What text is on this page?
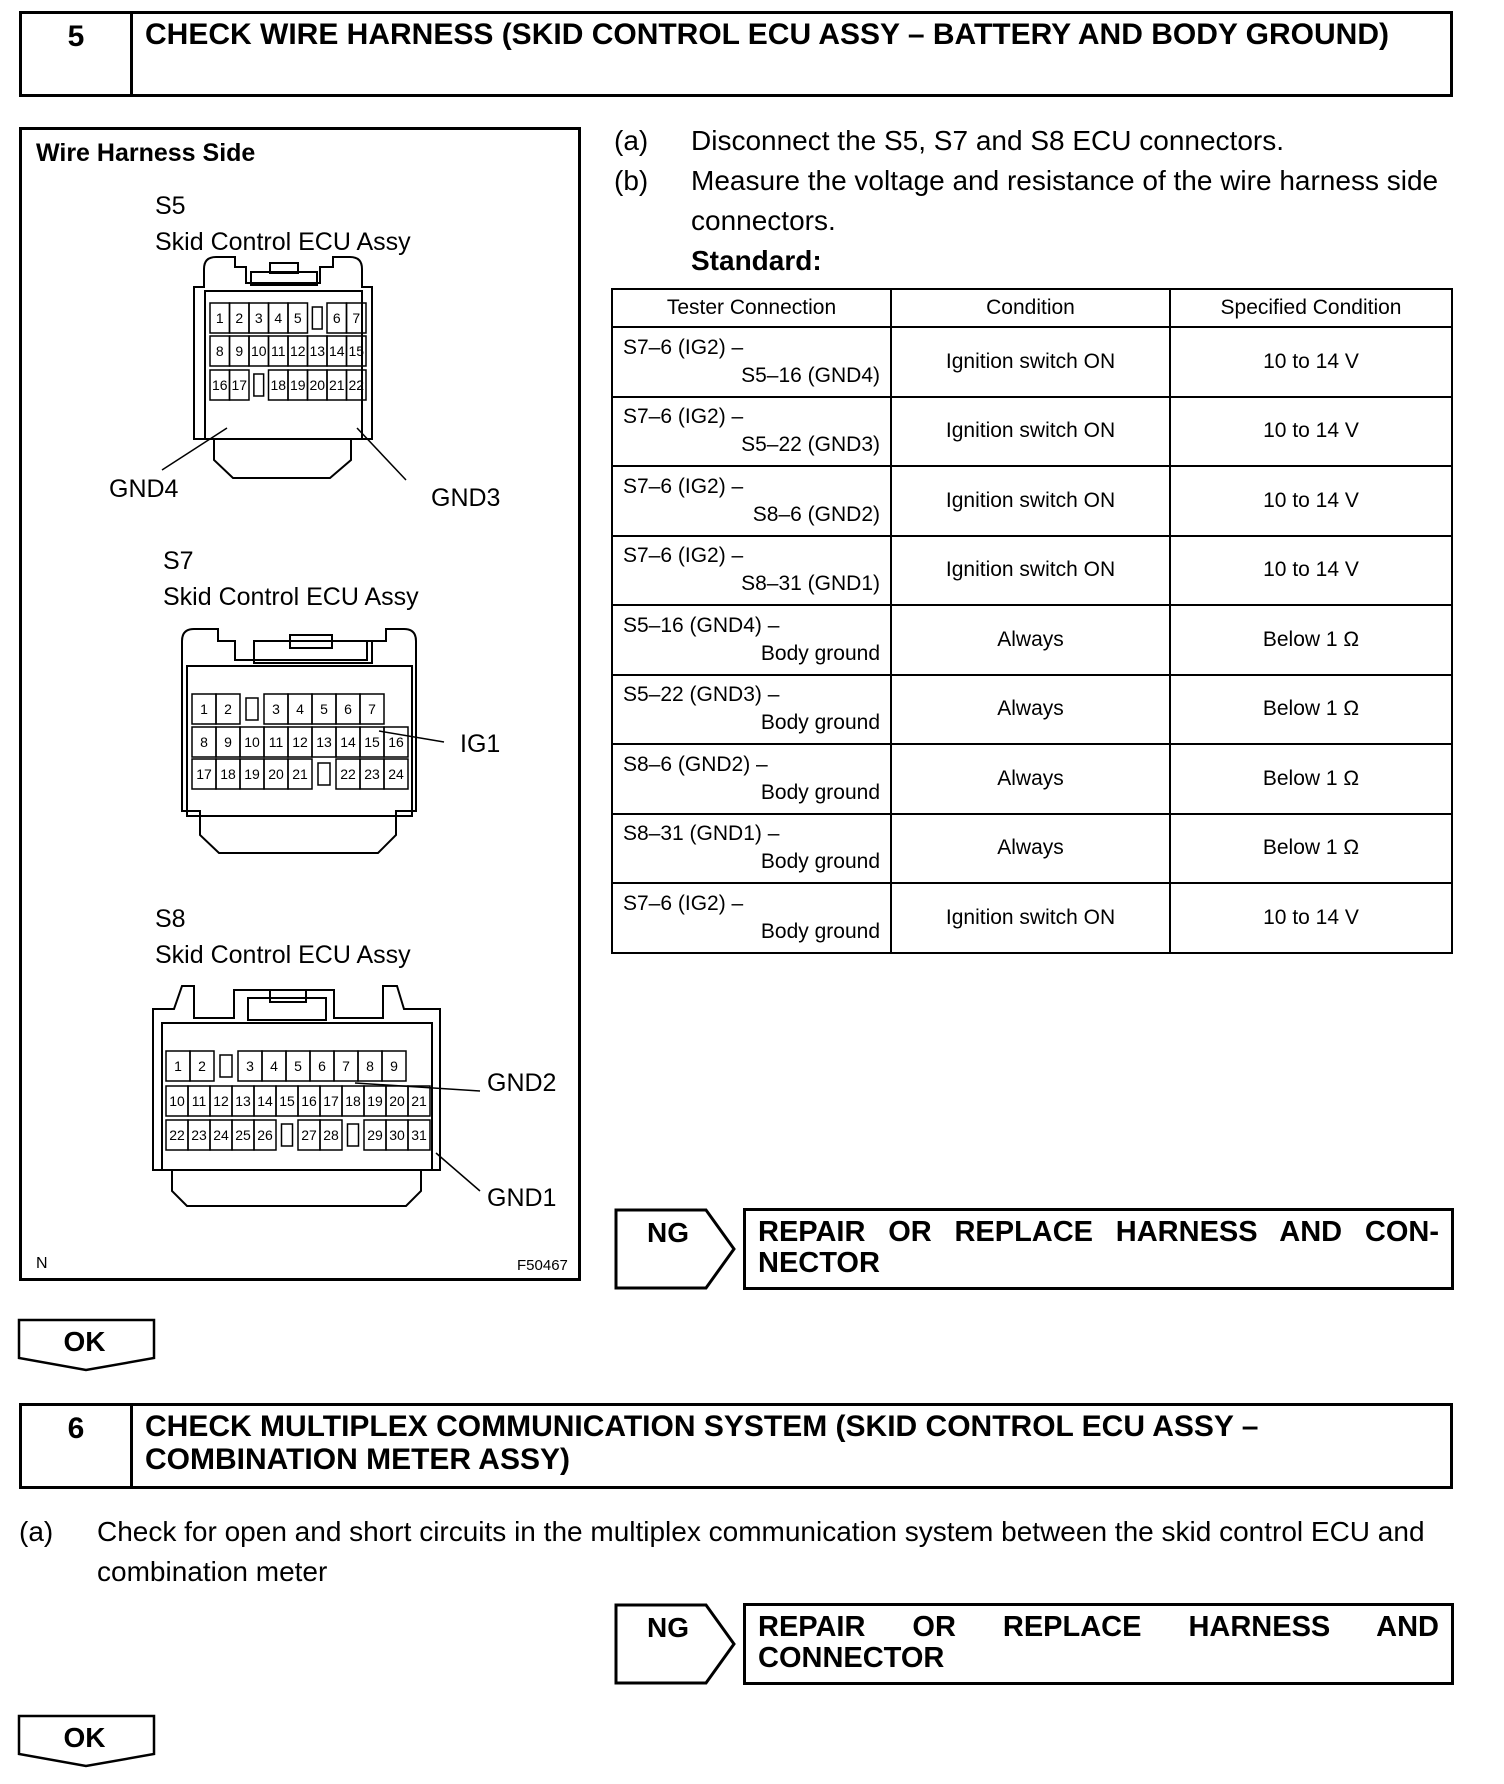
5	CHECK WIRE HARNESS (SKID CONTROL ECU ASSY – BATTERY AND BODY GROUND)
Wire Harness Side
S5
Skid Control ECU Assy
1 2 3 4 5 6 7
8 9 10 11 12 13 14 15
16 17 18 19 20 21 22
GND4	GND3
S7
Skid Control ECU Assy
1 2	3 4 5 6 7
8 9 10 11 12 13 14 15 16
17 18 19 20 21 22 23 24
IG1
S8
Skid Control ECU Assy
1 2	3 4 5 6 7 8 9
10 11 12 13 14 15 16 17 18 19 20 21
22 23 24 25 26 27 28 29 30 31
GND2
GND1
N	F50467
(a) Disconnect the S5, S7 and S8 ECU connectors.
(b) Measure the voltage and resistance of the wire harness side connectors.
Standard:
Tester Connection	Condition	Specified Condition

S7–6 (IG2) –
S5–16 (GND4)	Ignition switch ON	10 to 14 V

S7–6 (IG2) –
S5–22 (GND3)	Ignition switch ON	10 to 14 V

S7–6 (IG2) –
S8–6 (GND2)	Ignition switch ON	10 to 14 V

S7–6 (IG2) –
S8–31 (GND1)	Ignition switch ON	10 to 14 V

S5–16 (GND4) –
Body ground	Always	Below 1 Ω

S5–22 (GND3) –
Body ground	Always	Below 1 Ω

S8–6 (GND2) –
Body ground	Always	Below 1 Ω

S8–31 (GND1) –
Body ground	Always	Below 1 Ω

S7–6 (IG2) –
Body ground	Ignition switch ON	10 to 14 V
NG	REPAIR OR REPLACE HARNESS AND CON- NECTOR
OK
6	CHECK MULTIPLEX COMMUNICATION SYSTEM (SKID CONTROL ECU ASSY – COMBINATION METER ASSY)
(a) Check for open and short circuits in the multiplex communication system between the skid control ECU and combination meter
NG	REPAIR OR REPLACE HARNESS AND CONNECTOR
OK
